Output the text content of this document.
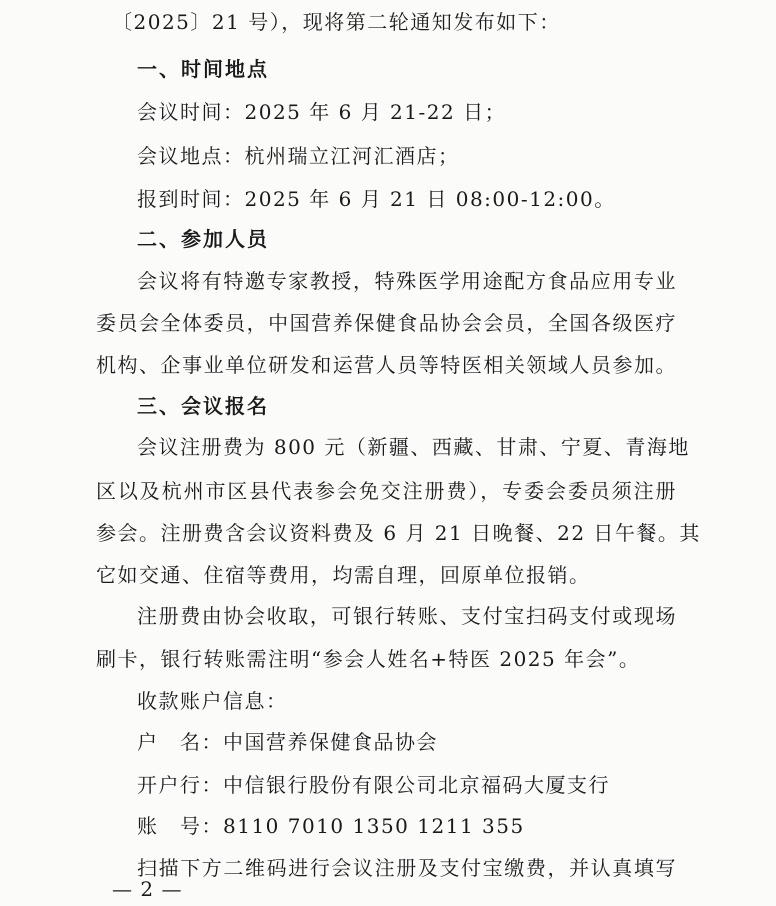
〔2025〕21 号），现将第二轮通知发布如下：
一、时间地点
会议时间：2025 年 6 月 21-22 日；
会议地点：杭州瑞立江河汇酒店；
报到时间：2025 年 6 月 21 日 08:00-12:00。
二、参加人员
会议将有特邀专家教授，特殊医学用途配方食品应用专业
委员会全体委员，中国营养保健食品协会会员，全国各级医疗
机构、企事业单位研发和运营人员等特医相关领域人员参加。
三、会议报名
会议注册费为 800 元（新疆、西藏、甘肃、宁夏、青海地
区以及杭州市区县代表参会免交注册费），专委会委员须注册
参会。注册费含会议资料费及 6 月 21 日晚餐、22 日午餐。其
它如交通、住宿等费用，均需自理，回原单位报销。
注册费由协会收取，可银行转账、支付宝扫码支付或现场
刷卡，银行转账需注明“参会人姓名+特医 2025 年会”。
收款账户信息：
户　名：中国营养保健食品协会
开户行：中信银行股份有限公司北京福码大厦支行
账　号：8110 7010 1350 1211 355
扫描下方二维码进行会议注册及支付宝缴费，并认真填写
— 2 —
